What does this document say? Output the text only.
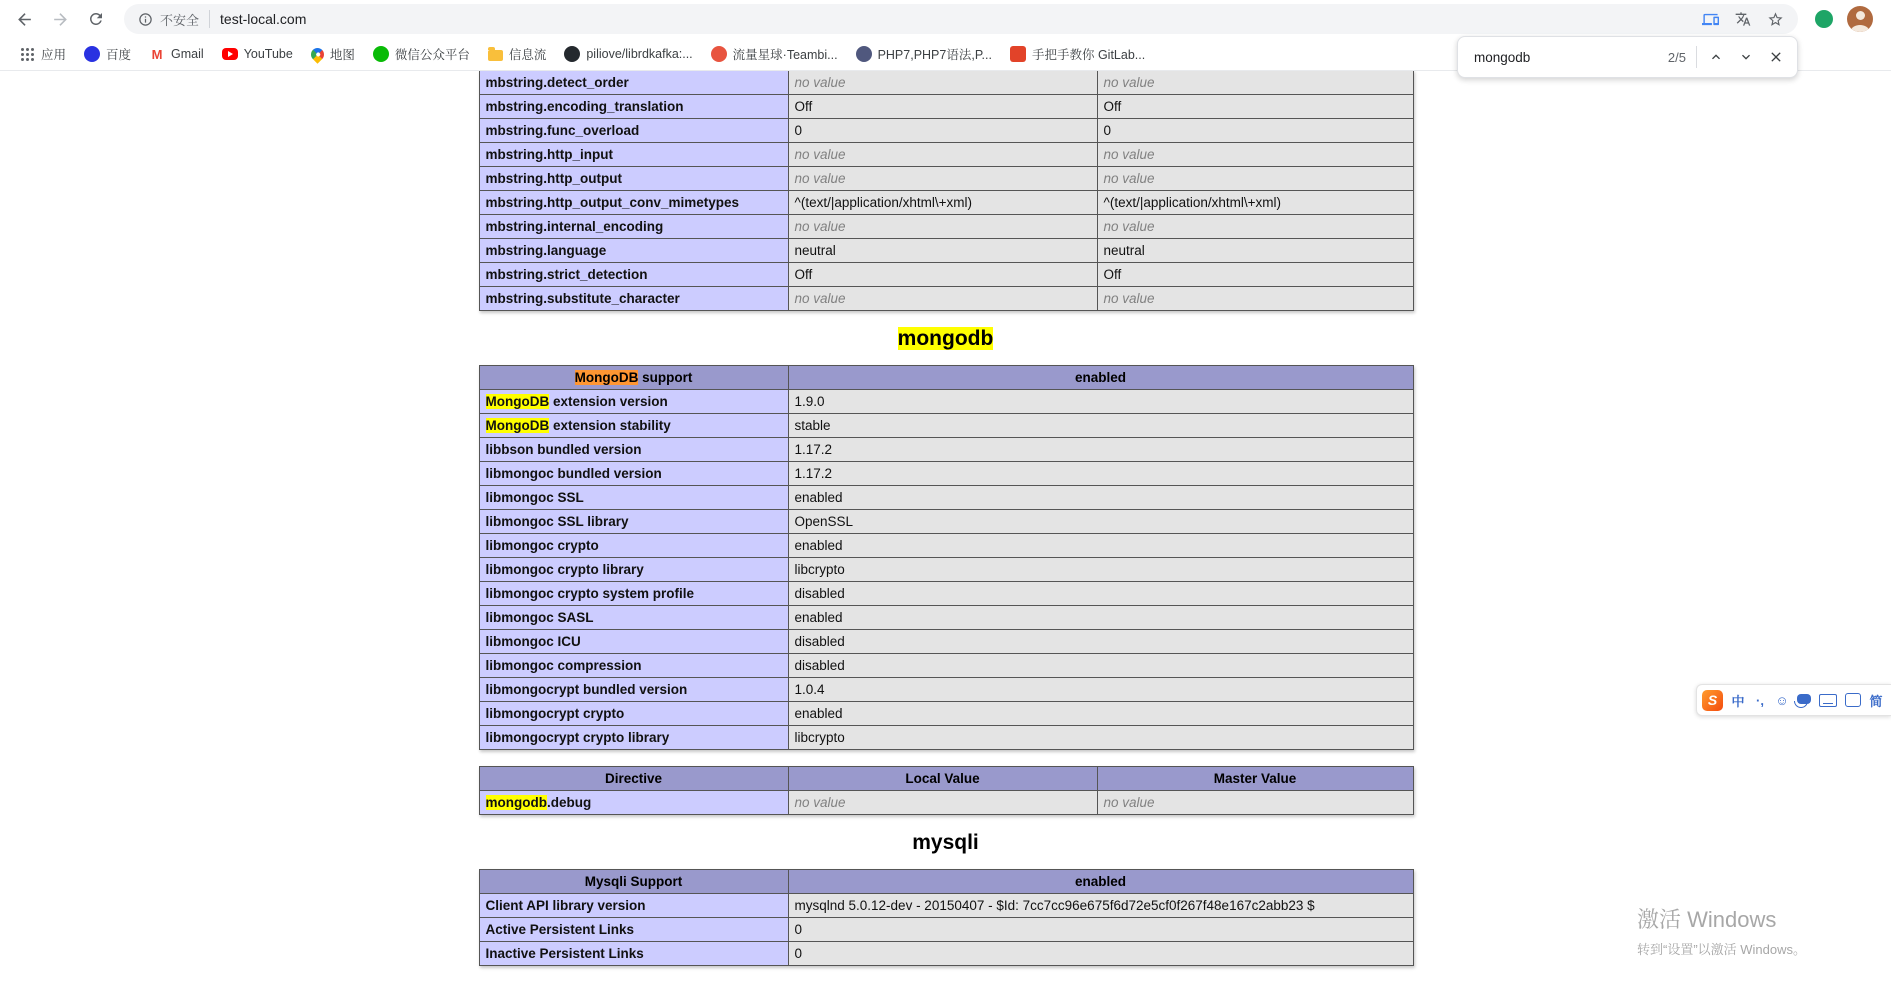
不安全 test-local.com
应用	百度 M Gmail	YouTube	地图	微信公众平台	信息流	piliove/librdkafka:...	流量星球·Teambi...	PHP7,PHP7语法,P...	手把手教你 GitLab...
mongodb	2/5
mbstring.detect_order	no value	no value
mbstring.encoding_translation	Off	Off
mbstring.func_overload	0	0
mbstring.http_input	no value	no value
mbstring.http_output	no value	no value
mbstring.http_output_conv_mimetypes	^(text/|application/xhtml\+xml)	^(text/|application/xhtml\+xml)
mbstring.internal_encoding	no value	no value
mbstring.language	neutral	neutral
mbstring.strict_detection	Off	Off
mbstring.substitute_character	no value	no value
mongodb
MongoDB support	enabled
MongoDB extension version	1.9.0
MongoDB extension stability	stable
libbson bundled version	1.17.2
libmongoc bundled version	1.17.2
libmongoc SSL	enabled
libmongoc SSL library	OpenSSL
libmongoc crypto	enabled
libmongoc crypto library	libcrypto
libmongoc crypto system profile	disabled
libmongoc SASL	enabled
libmongoc ICU	disabled
libmongoc compression	disabled
libmongocrypt bundled version	1.0.4
libmongocrypt crypto	enabled
libmongocrypt crypto library	libcrypto
Directive	Local Value	Master Value
mongodb.debug	no value	no value
mysqli
Mysqli Support	enabled
Client API library version	mysqlnd 5.0.12-dev - 20150407 - $Id: 7cc7cc96e675f6d72e5cf0f267f48e167c2abb23 $
Active Persistent Links	0
Inactive Persistent Links	0
S	中 ·, ☺	简
激活 Windows
转到“设置”以激活 Windows。
